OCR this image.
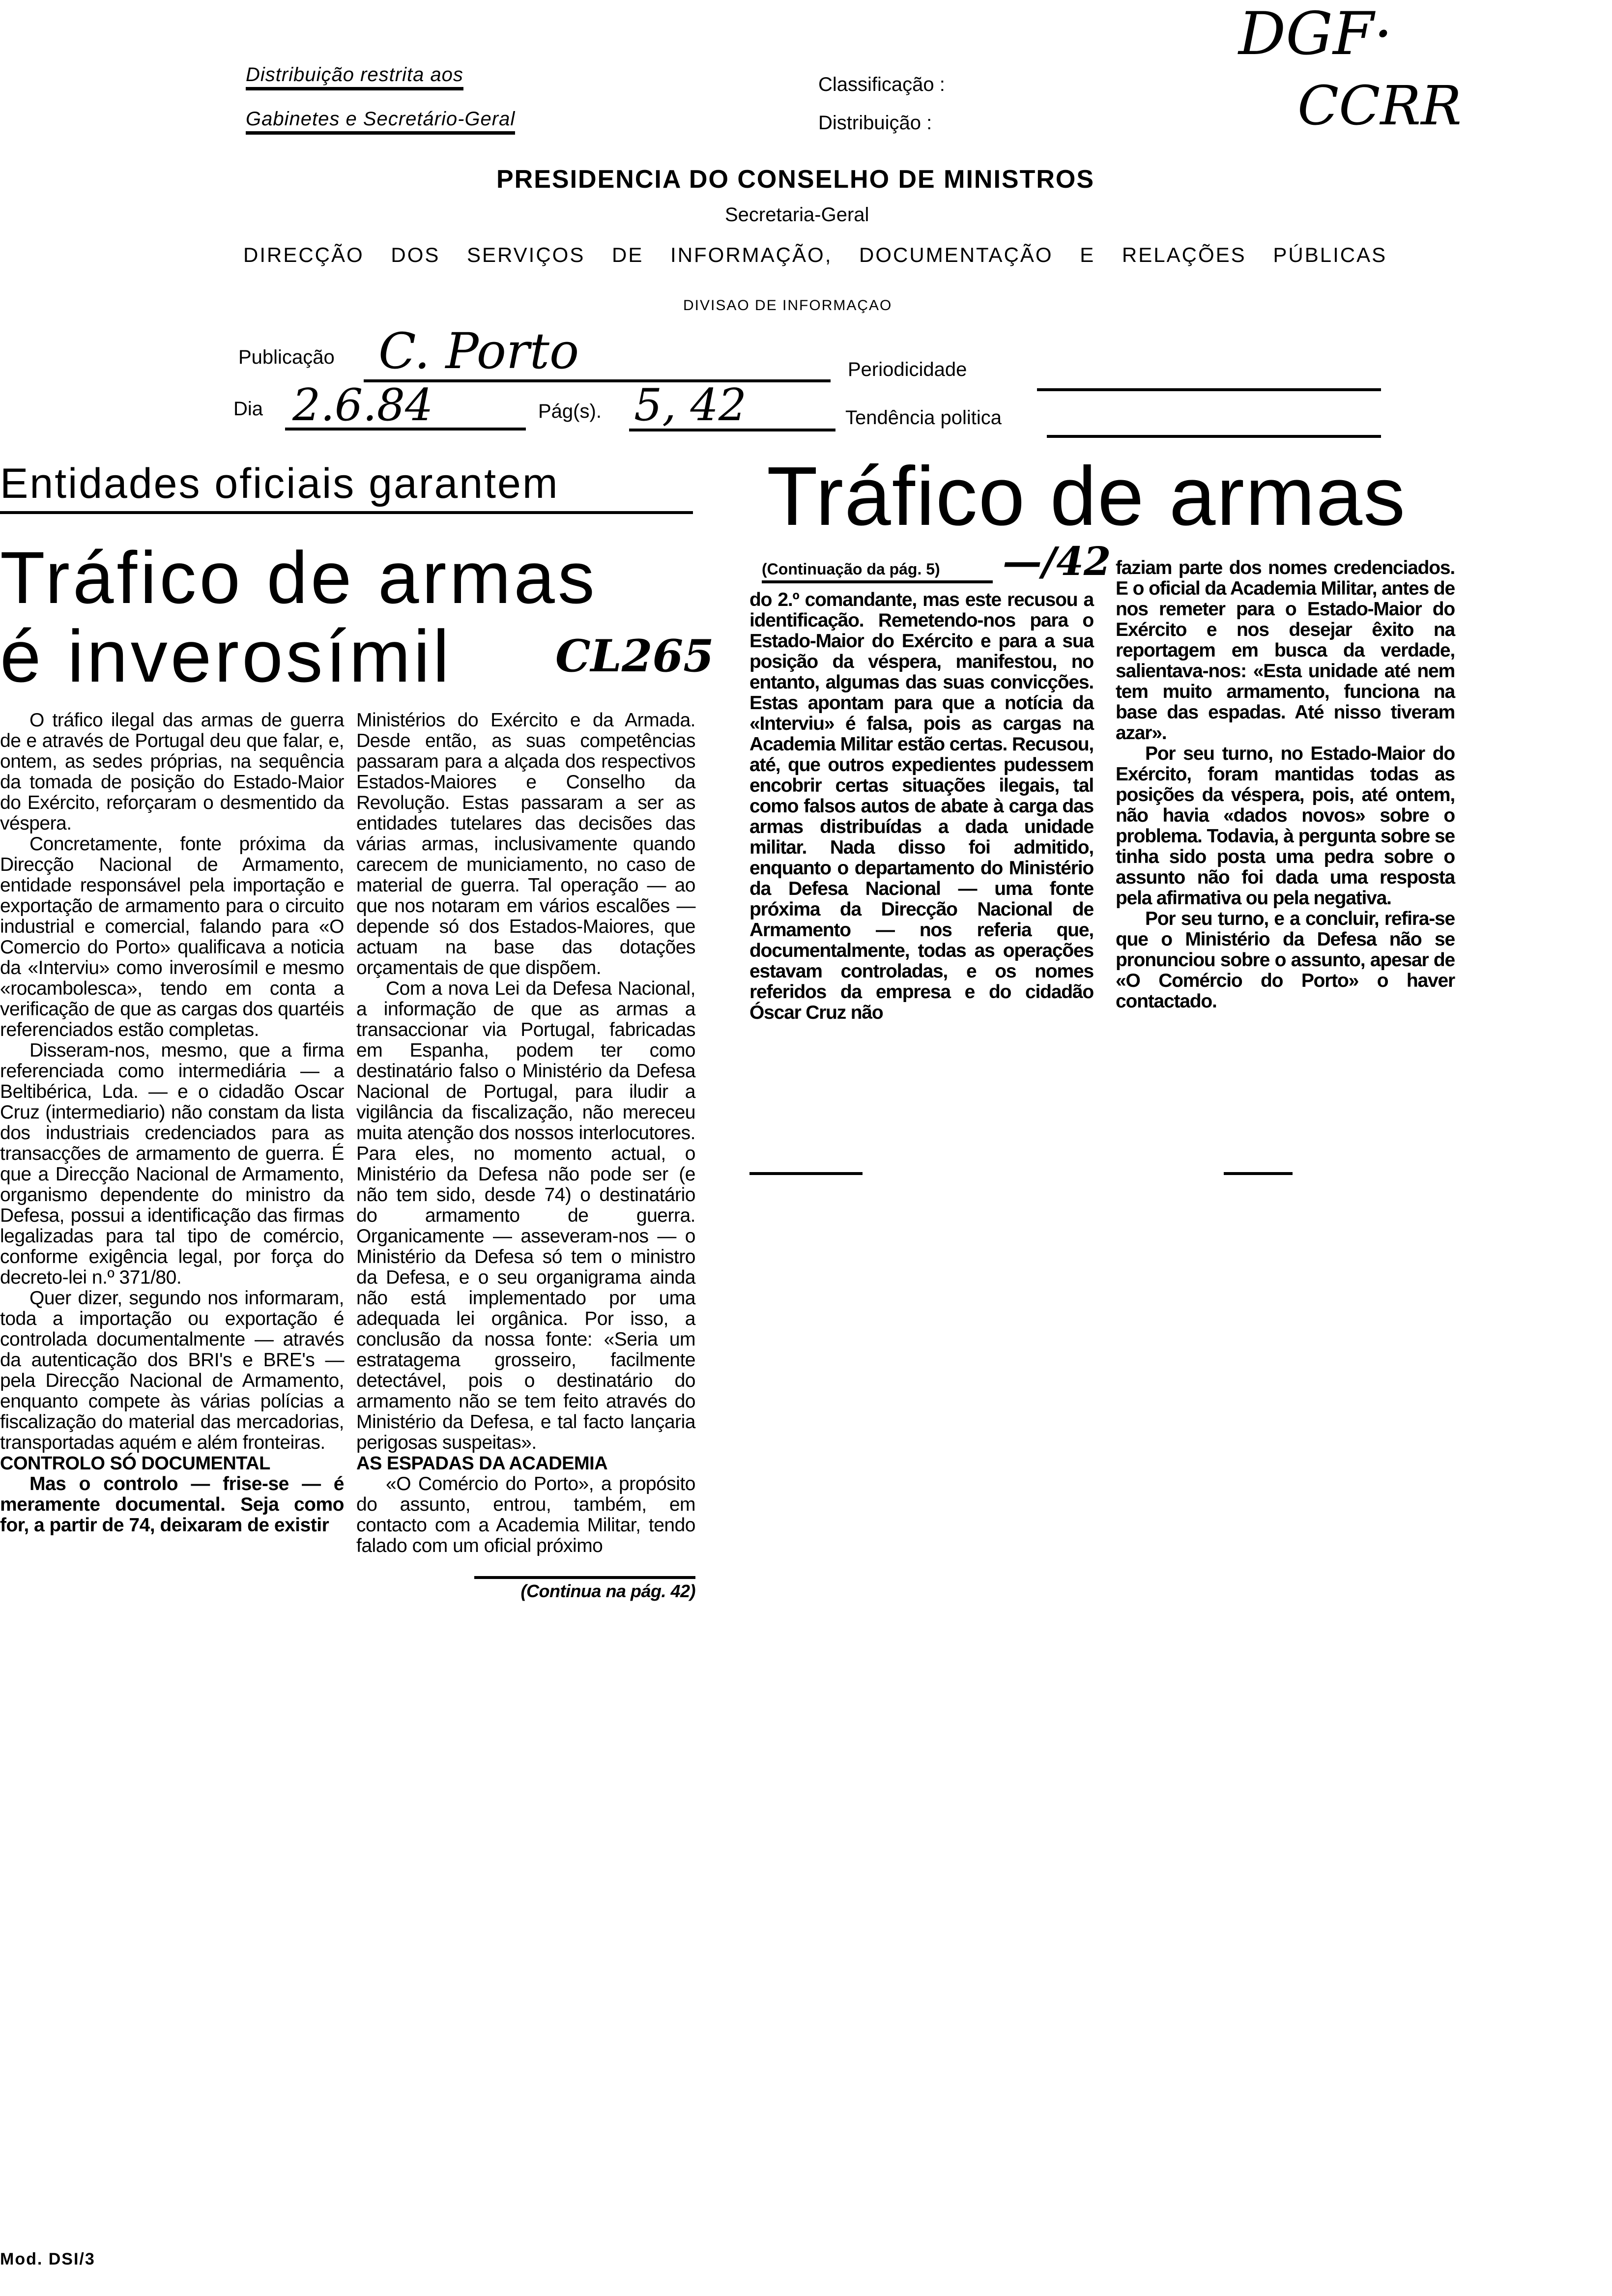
Distribuição restrita aos
Gabinetes e Secretário-Geral
Classificação :
Distribuição :
DGF·
CCRR
PRESIDENCIA DO CONSELHO DE MINISTROS
Secretaria-Geral
DIRECÇÃO DOS SERVIÇOS DE INFORMAÇÃO, DOCUMENTAÇÃO E RELAÇÕES PÚBLICAS
DIVISAO DE INFORMAÇAO
Publicação C. Porto	Periodicidade
Dia 2.6.84	Pág(s). 5, 42	Tendência politica
Entidades oficiais garantem
Tráfico de armas
é inverosímil CL265

O tráfico ilegal das armas de guerra de e através de Portugal deu que falar, e, ontem, as sedes próprias, na sequência da tomada de posição do Estado-Maior do Exército, reforçaram o desmentido da véspera.

Concretamente, fonte próxima da Direcção Nacional de Armamento, entidade responsável pela importação e exportação de armamento para o circuito industrial e comercial, falando para «O Comercio do Porto» qualificava a noticia da «Interviu» como inverosímil e mesmo «rocambolesca», tendo em conta a verificação de que as cargas dos quartéis referenciados estão completas.

Disseram-nos, mesmo, que a firma referenciada como intermediária — a Beltibérica, Lda. — e o cidadão Oscar Cruz (intermediario) não constam da lista dos industriais credenciados para as transacções de armamento de guerra. É que a Direcção Nacional de Armamento, organismo dependente do ministro da Defesa, possui a identificação das firmas legalizadas para tal tipo de comércio, conforme exigência legal, por força do decreto-lei n.º 371/80.

Quer dizer, segundo nos informaram, toda a importação ou exportação é controlada documentalmente — através da autenticação dos BRI's e BRE's — pela Direcção Nacional de Armamento, enquanto compete às várias polícias a fiscalização do material das mercadorias, transportadas aquém e além fronteiras.

CONTROLO SÓ DOCUMENTAL

Mas o controlo — frise-se — é meramente documental. Seja como for, a partir de 74, deixaram de existir

Ministérios do Exército e da Armada. Desde então, as suas competências passaram para a alçada dos respectivos Estados-Maiores e Conselho da Revolução. Estas passaram a ser as entidades tutelares das decisões das várias armas, inclusivamente quando carecem de municiamento, no caso de material de guerra. Tal operação — ao que nos notaram em vários escalões — depende só dos Estados-Maiores, que actuam na base das dotações orçamentais de que dispõem.

Com a nova Lei da Defesa Nacional, a informação de que as armas a transaccionar via Portugal, fabricadas em Espanha, podem ter como destinatário falso o Ministério da Defesa Nacional de Portugal, para iludir a vigilância da fiscalização, não mereceu muita atenção dos nossos interlocutores. Para eles, no momento actual, o Ministério da Defesa não pode ser (e não tem sido, desde 74) o destinatário do armamento de guerra. Organicamente — asseveram-nos — o Ministério da Defesa só tem o ministro da Defesa, e o seu organigrama ainda não está implementado por uma adequada lei orgânica. Por isso, a conclusão da nossa fonte: «Seria um estratagema grosseiro, facilmente detectável, pois o destinatário do armamento não se tem feito através do Ministério da Defesa, e tal facto lançaria perigosas suspeitas».

AS ESPADAS DA ACADEMIA

«O Comércio do Porto», a propósito do assunto, entrou, também, em contacto com a Academia Militar, tendo falado com um oficial próximo

(Continua na pág. 42)
Tráfico de armas
—/42
(Continuação da pág. 5)

do 2.º comandante, mas este recusou a identificação. Remetendo-nos para o Estado-Maior do Exército e para a sua posição da véspera, manifestou, no entanto, algumas das suas convicções. Estas apontam para que a notícia da «Interviu» é falsa, pois as cargas na Academia Militar estão certas. Recusou, até, que outros expedientes pudessem encobrir certas situações ilegais, tal como falsos autos de abate à carga das armas distribuídas a dada unidade militar. Nada disso foi admitido, enquanto o departamento do Ministério da Defesa Nacional — uma fonte próxima da Direcção Nacional de Armamento — nos referia que, documentalmente, todas as operações estavam controladas, e os nomes referidos da empresa e do cidadão Óscar Cruz não

faziam parte dos nomes credenciados. E o oficial da Academia Militar, antes de nos remeter para o Estado-Maior do Exército e nos desejar êxito na reportagem em busca da verdade, salientava-nos: «Esta unidade até nem tem muito armamento, funciona na base das espadas. Até nisso tiveram azar».

Por seu turno, no Estado-Maior do Exército, foram mantidas todas as posições da véspera, pois, até ontem, não havia «dados novos» sobre o problema. Todavia, à pergunta sobre se tinha sido posta uma pedra sobre o assunto não foi dada uma resposta pela afirmativa ou pela negativa.

Por seu turno, e a concluir, refira-se que o Ministério da Defesa não se pronunciou sobre o assunto, apesar de «O Comércio do Porto» o haver contactado.

Mod. DSI/3
